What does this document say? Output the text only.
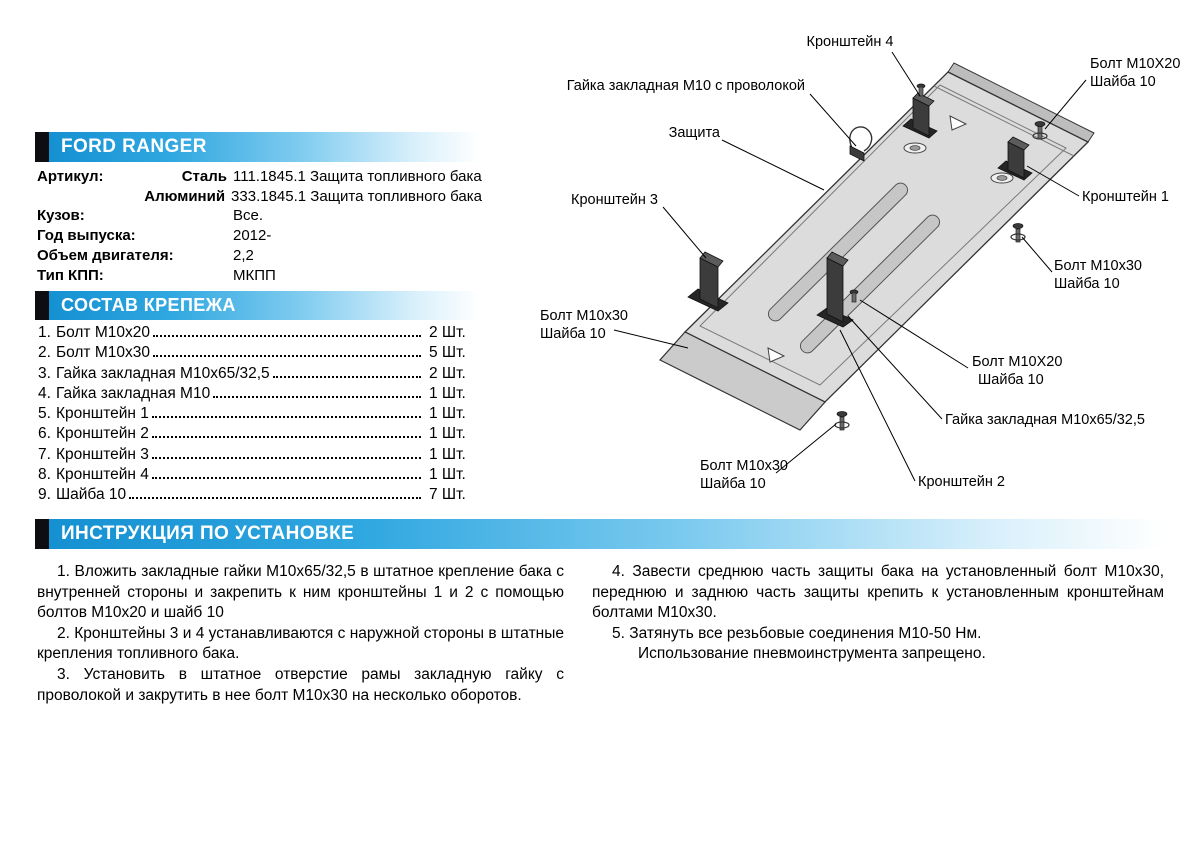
FORD RANGER
Артикул:	Сталь 111.1845.1 Защита топливного бака
Алюминий 333.1845.1 Защита топливного бака
Кузов:	Все.
Год выпуска:	2012-
Объем двигателя:	2,2
Тип КПП:	МКПП
СОСТАВ КРЕПЕЖА
1. Болт М10х20	2 Шт.
2. Болт М10х30	5 Шт.
3. Гайка закладная М10х65/32,5	2 Шт.
4. Гайка закладная М10	1 Шт.
5. Кронштейн 1	1 Шт.
6. Кронштейн 2	1 Шт.
7. Кронштейн 3	1 Шт.
8. Кронштейн 4	1 Шт.
9. Шайба 10	7 Шт.
Кронштейн 4
Гайка закладная М10 с проволокой
Болт М10Х20
Шайба 10
Защита
Кронштейн 3	Кронштейн 1
Болт М10х30
Шайба 10
Болт М10х30
Шайба 10
Болт М10X20
Шайба 10
Гайка закладная М10х65/32,5
Болт М10х30
Шайба 10	Кронштейн 2
ИНСТРУКЦИЯ ПО УСТАНОВКЕ

1. Вложить закладные гайки М10х65/32,5 в штатное крепление бака с внутренней стороны и закрепить к ним кронштейны 1 и 2 с помощью болтов М10х20 и шайб 10

2. Кронштейны 3 и 4 устанавливаются с наружной стороны в штатные крепления топливного бака.

3. Установить в штатное отверстие рамы закладную гайку с проволокой и закрутить в нее болт М10х30 на несколько оборотов.

4. Завести среднюю часть защиты бака на установленный болт М10х30, переднюю и заднюю часть защиты крепить к установленным кронштейнам болтами М10х30.

5. Затянуть все резьбовые соединения М10-50 Нм.

Использование пневмоинструмента запрещено.
